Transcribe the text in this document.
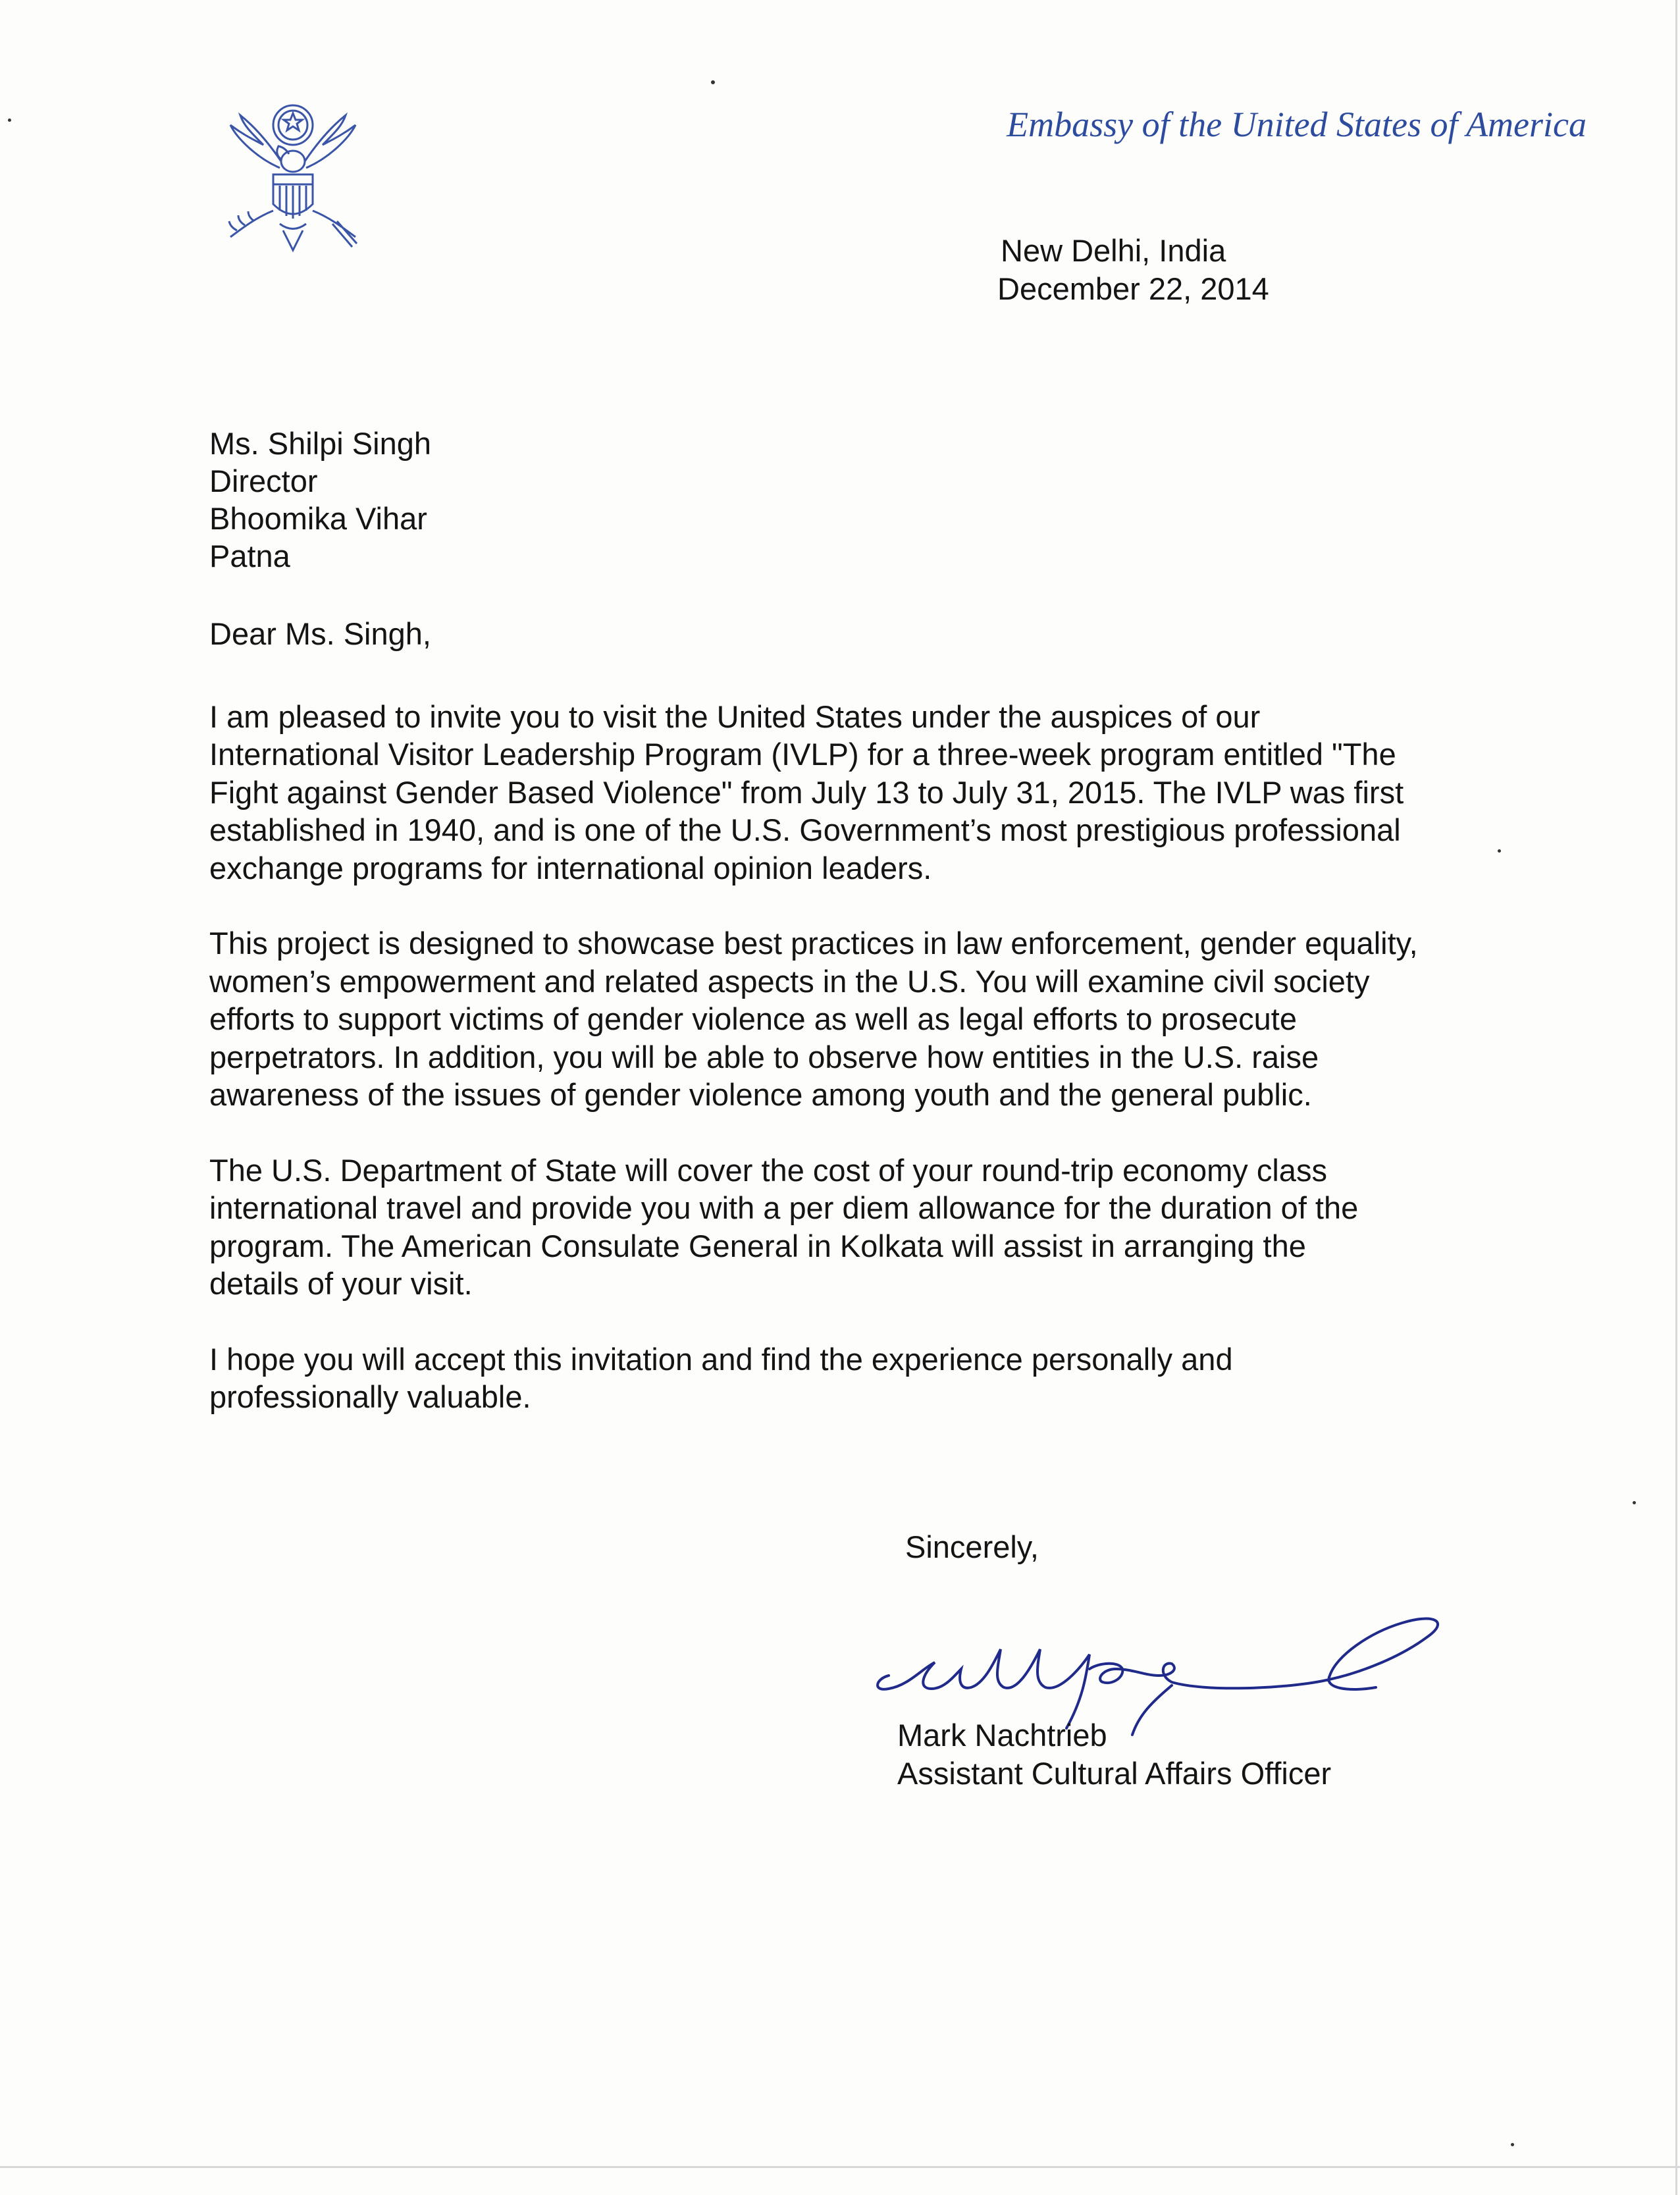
Embassy of the United States of America
New Delhi, India
December 22, 2014
Ms. Shilpi Singh
Director
Bhoomika Vihar
Patna
Dear Ms. Singh,

I am pleased to invite you to visit the United States under the auspices of our International Visitor Leadership Program (IVLP) for a three-week program entitled "The Fight against Gender Based Violence" from July 13 to July 31, 2015. The IVLP was first established in 1940, and is one of the U.S. Government’s most prestigious professional exchange programs for international opinion leaders.

This project is designed to showcase best practices in law enforcement, gender equality, women’s empowerment and related aspects in the U.S. You will examine civil society efforts to support victims of gender violence as well as legal efforts to prosecute perpetrators. In addition, you will be able to observe how entities in the U.S. raise awareness of the issues of gender violence among youth and the general public.

The U.S. Department of State will cover the cost of your round-trip economy class international travel and provide you with a per diem allowance for the duration of the program. The American Consulate General in Kolkata will assist in arranging the details of your visit.

I hope you will accept this invitation and find the experience personally and professionally valuable.

Sincerely,
Mark Nachtrieb
Assistant Cultural Affairs Officer
